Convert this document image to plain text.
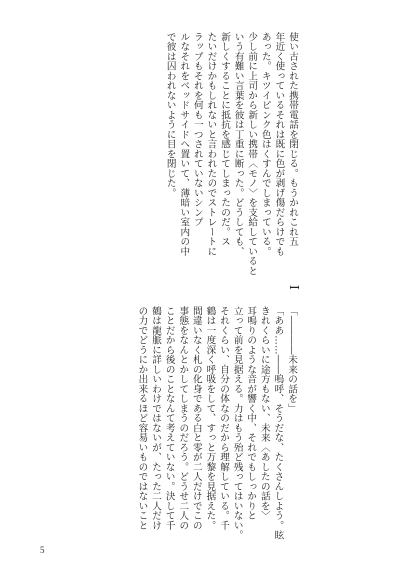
使い古された携帯電話を閉じる。もうかれこれ五

年近く使っているそれは既に色が剥げ傷だらけでも

あった。キツイピンク色はくすんでしまっている。

少し前に上司から新しい携帯〈モノ〉を支給していると

いう有難い言葉を彼は丁重に断った。どうしても、

新しくすることに抵抗を感じてしまったのだ。ス

たいだけかもしれないと言われたのでストレートに

ラップもそれを何も一つされていないシンプ

ルなそれをベッドサイドへ置いて、薄暗い室内の中

で彼は囚われないように目を閉じた。

I

「――――未来の話を」

「ああ……――嗚呼、そうだな、たくさんしよう。眩

きれくらいに途方もない、未来〈あしたの話を〉

耳鳴りのような音が響く中、それでもしっかりと

立って前を見据える。力はもう殆ど残ってはいない。

それくらい、自分の体なのだから理解している。千

鶴は一度深く呼吸をして、すっと万黎を見据えた。

間違いなく札の化身である白と零が二人だけでこの

事態をなんとかしてしまうのだろう。どうせ二人の

ことだから後のことなんて考えていない。決して千

鶴は龍脈に詳しいわけではないが、たった二人だけ

の力でどうにか出来るほど容易いものではないこと

5
